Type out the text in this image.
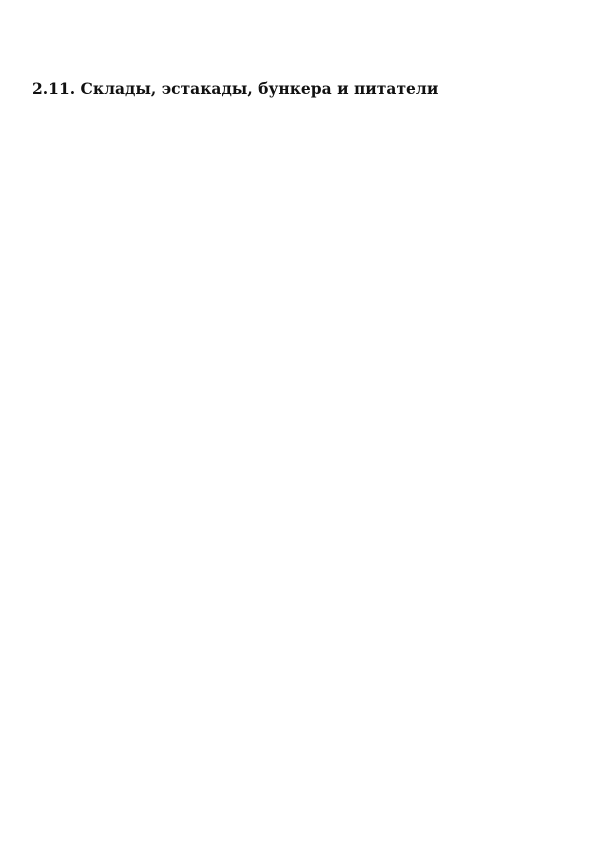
2.11. Склады, эстакады, бункера и питатели
